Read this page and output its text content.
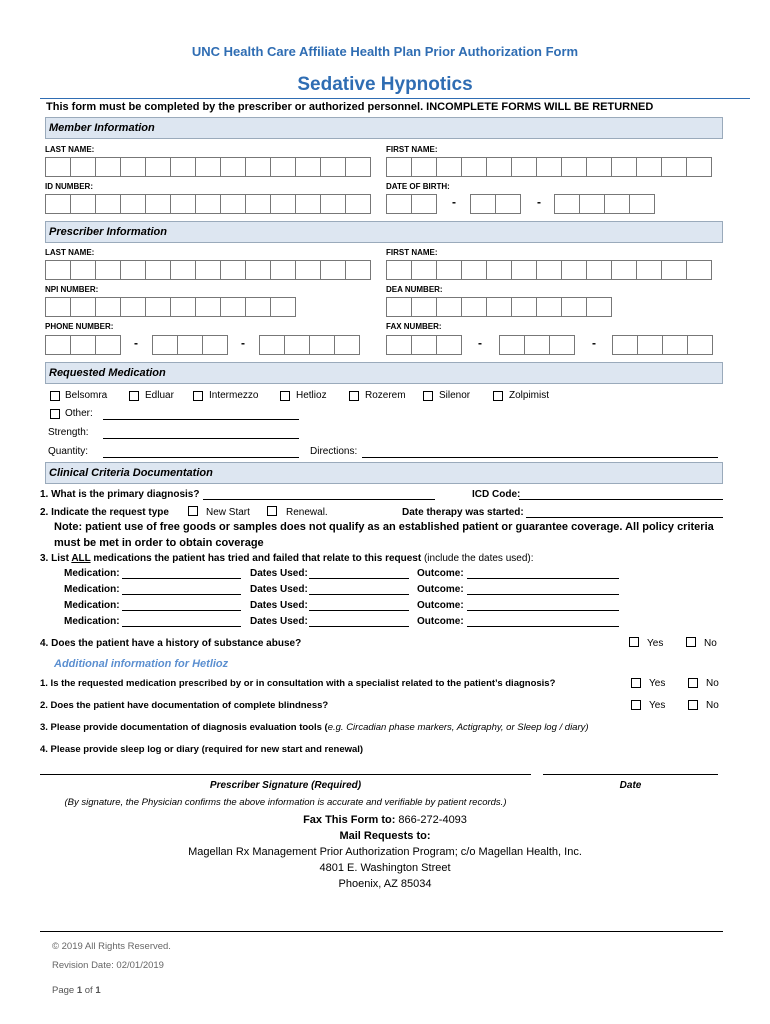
UNC Health Care Affiliate Health Plan Prior Authorization Form
Sedative Hypnotics
This form must be completed by the prescriber or authorized personnel. INCOMPLETE FORMS WILL BE RETURNED
Member Information
LAST NAME:	FIRST NAME:
ID NUMBER:	DATE OF BIRTH:
-	-
Prescriber Information
LAST NAME:	FIRST NAME:
NPI NUMBER:	DEA NUMBER:
PHONE NUMBER:	FAX NUMBER:
-	-	-	-
Requested Medication
Belsomra	Edluar	Intermezzo	Hetlioz	Rozerem	Silenor	Zolpimist
Other:
Strength:
Quantity:	Directions:
Clinical Criteria Documentation
1. What is the primary diagnosis?	ICD Code:
2. Indicate the request type	New Start	Renewal.	Date therapy was started:
Note: patient use of free goods or samples does not qualify as an established patient or guarantee coverage. All policy criteria
must be met in order to obtain coverage
3. List ALL medications the patient has tried and failed that relate to this request (include the dates used):
Medication:	Dates Used:	Outcome:
Medication:	Dates Used:	Outcome:
Medication:	Dates Used:	Outcome:
Medication:	Dates Used:	Outcome:
4. Does the patient have a history of substance abuse?	Yes	No
Additional information for Hetlioz
1. Is the requested medication prescribed by or in consultation with a specialist related to the patient’s diagnosis?	Yes	No
2. Does the patient have documentation of complete blindness?	Yes	No
3. Please provide documentation of diagnosis evaluation tools (e.g. Circadian phase markers, Actigraphy, or Sleep log / diary)
4. Please provide sleep log or diary (required for new start and renewal)
Prescriber Signature (Required)	Date
(By signature, the Physician confirms the above information is accurate and verifiable by patient records.)
Fax This Form to: 866-272-4093
Mail Requests to:
Magellan Rx Management Prior Authorization Program; c/o Magellan Health, Inc.
4801 E. Washington Street
Phoenix, AZ 85034
© 2019 All Rights Reserved.
Revision Date: 02/01/2019
Page 1 of 1
